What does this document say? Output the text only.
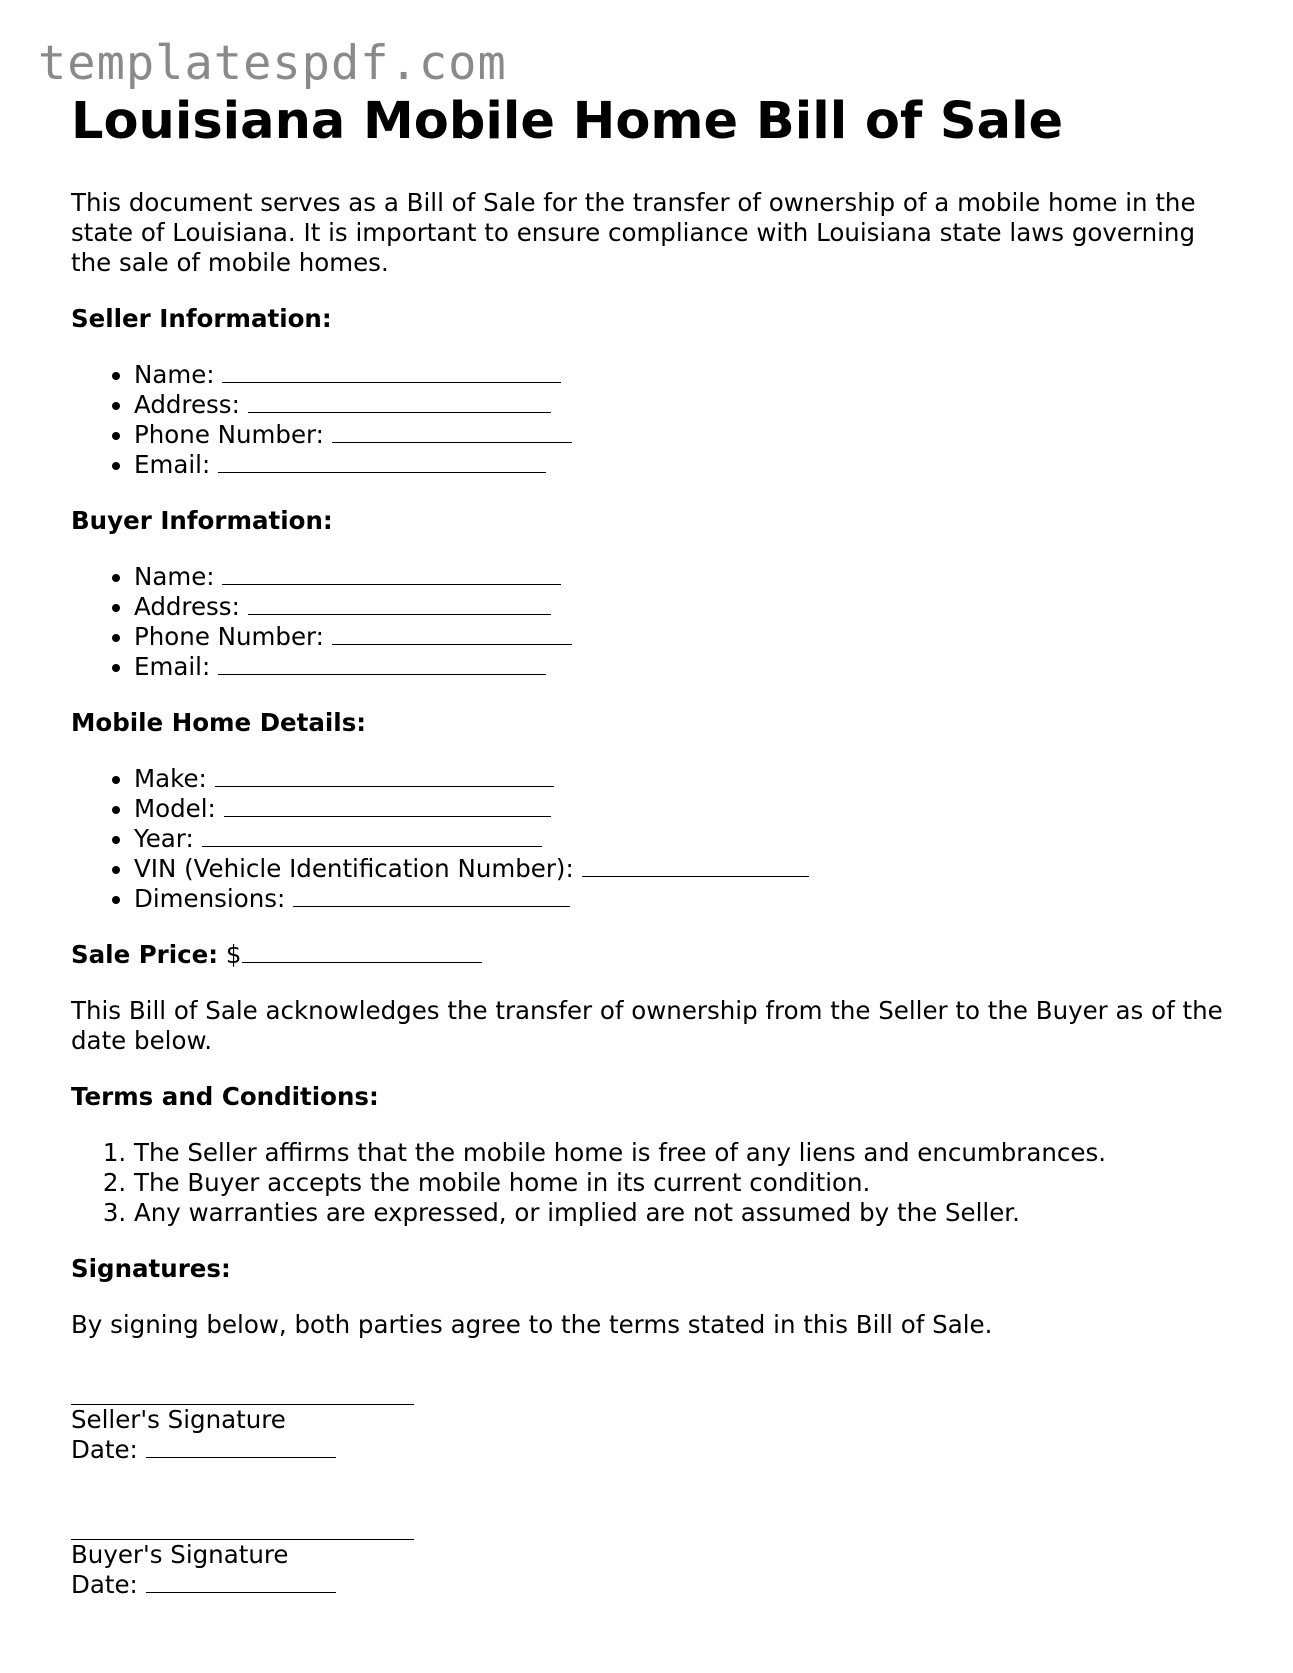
templatespdf.com
Louisiana Mobile Home Bill of Sale

This document serves as a Bill of Sale for the transfer of ownership of a mobile home in the state of Louisiana. It is important to ensure compliance with Louisiana state laws governing the sale of mobile homes.

Seller Information:
• Name:
• Address:
• Phone Number:
• Email:
Buyer Information:
• Name:
• Address:
• Phone Number:
• Email:
Mobile Home Details:
• Make:
• Model:
• Year:
• VIN (Vehicle Identification Number):
• Dimensions:

Sale Price: $

This Bill of Sale acknowledges the transfer of ownership from the Seller to the Buyer as of the date below.

Terms and Conditions:
1. The Seller affirms that the mobile home is free of any liens and encumbrances.
2. The Buyer accepts the mobile home in its current condition.
3. Any warranties are expressed, or implied are not assumed by the Seller.
Signatures:

By signing below, both parties agree to the terms stated in this Bill of Sale.

Seller's Signature
Date:
Buyer's Signature
Date:
